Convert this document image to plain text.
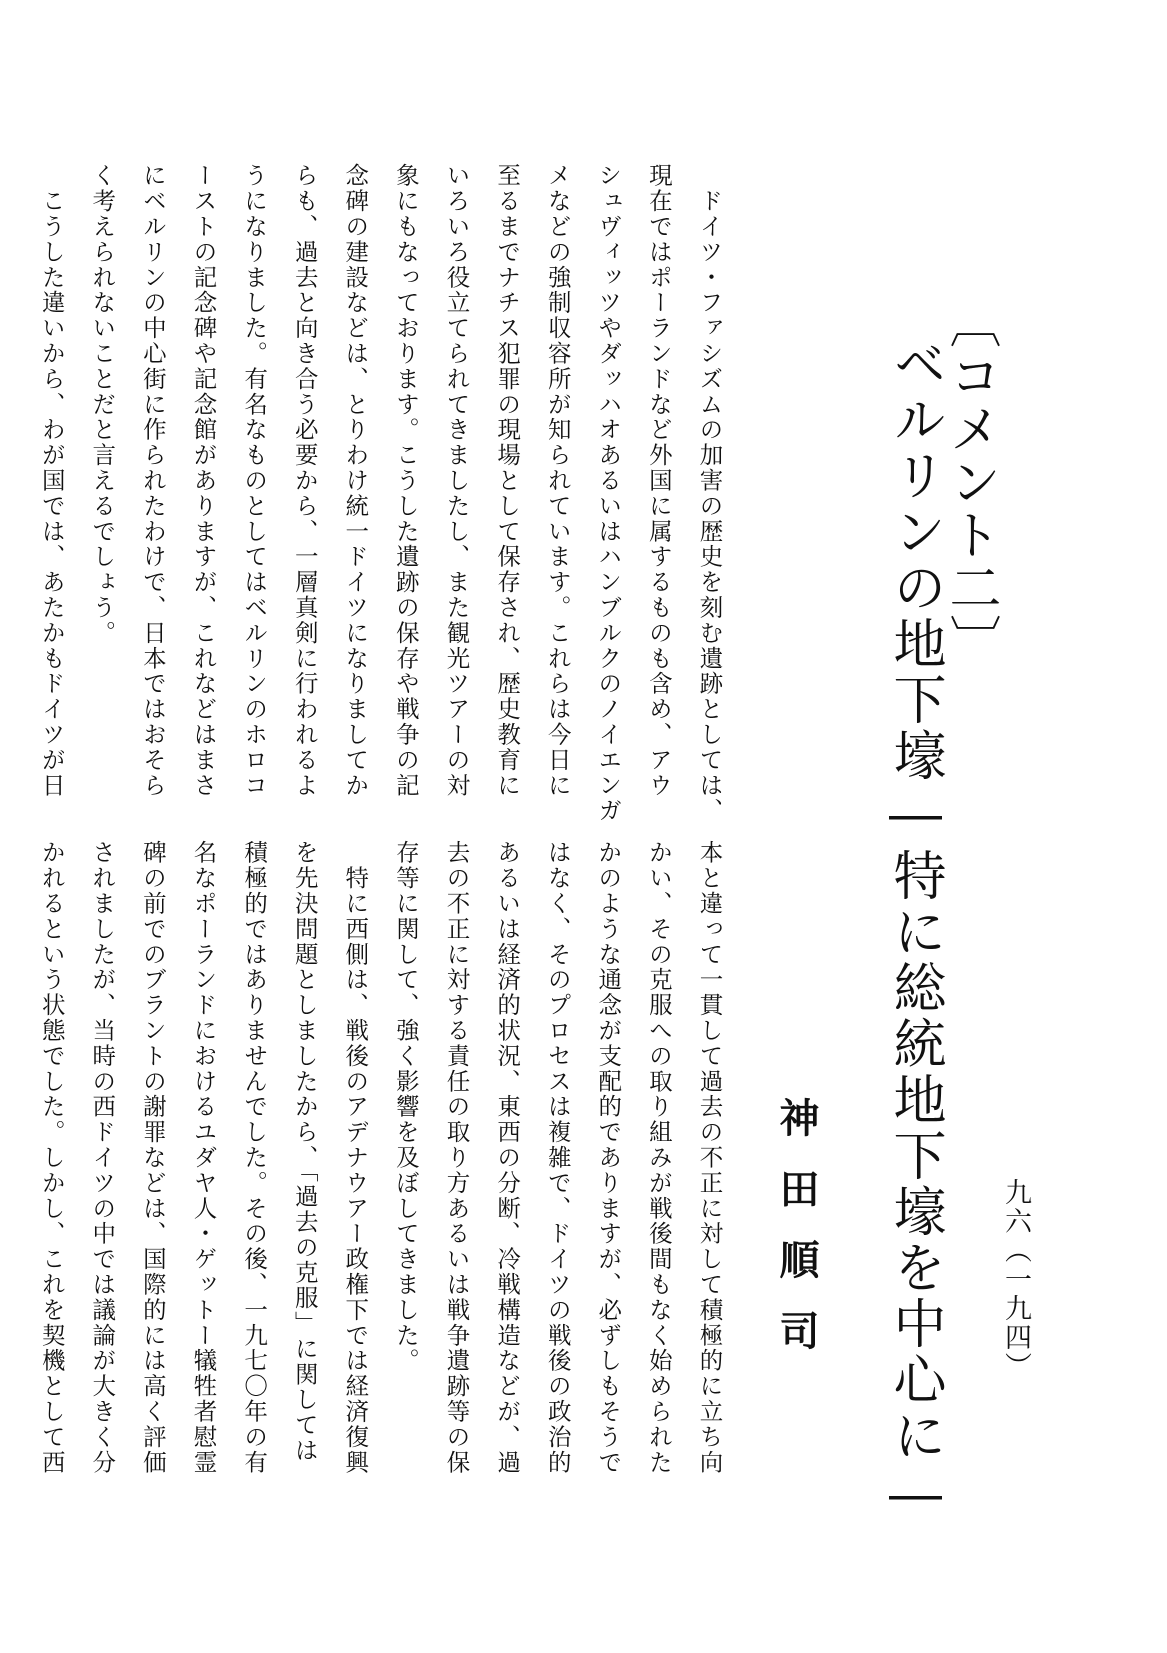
九六（一九四）
〔コメント二〕
ベルリンの地下壕―特に総統地下壕を中心に―
神田順司
本と違って一貫して過去の不正に対して積極的に立ち向
かい、その克服への取り組みが戦後間もなく始められた
かのような通念が支配的でありますが、必ずしもそうで
はなく、そのプロセスは複雑で、ドイツの戦後の政治的
あるいは経済的状況、東西の分断、冷戦構造などが、過
去の不正に対する責任の取り方あるいは戦争遺跡等の保
存等に関して、強く影響を及ぼしてきました。
　特に西側は、戦後のアデナウアー政権下では経済復興
を先決問題としましたから、「過去の克服」に関しては
積極的ではありませんでした。その後、一九七〇年の有
名なポーランドにおけるユダヤ人・ゲットー犠牲者慰霊
碑の前でのブラントの謝罪などは、国際的には高く評価
されましたが、当時の西ドイツの中では議論が大きく分
かれるという状態でした。しかし、これを契機として西
　ドイツ・ファシズムの加害の歴史を刻む遺跡としては、
現在ではポーランドなど外国に属するものも含め、アウ
シュヴィッツやダッハオあるいはハンブルクのノイエンガ
メなどの強制収容所が知られています。これらは今日に
至るまでナチス犯罪の現場として保存され、歴史教育に
いろいろ役立てられてきましたし、また観光ツアーの対
象にもなっております。こうした遺跡の保存や戦争の記
念碑の建設などは、とりわけ統一ドイツになりましてか
らも、過去と向き合う必要から、一層真剣に行われるよ
うになりました。有名なものとしてはベルリンのホロコ
ーストの記念碑や記念館がありますが、これなどはまさ
にベルリンの中心街に作られたわけで、日本ではおそら
く考えられないことだと言えるでしょう。
　こうした違いから、わが国では、あたかもドイツが日
